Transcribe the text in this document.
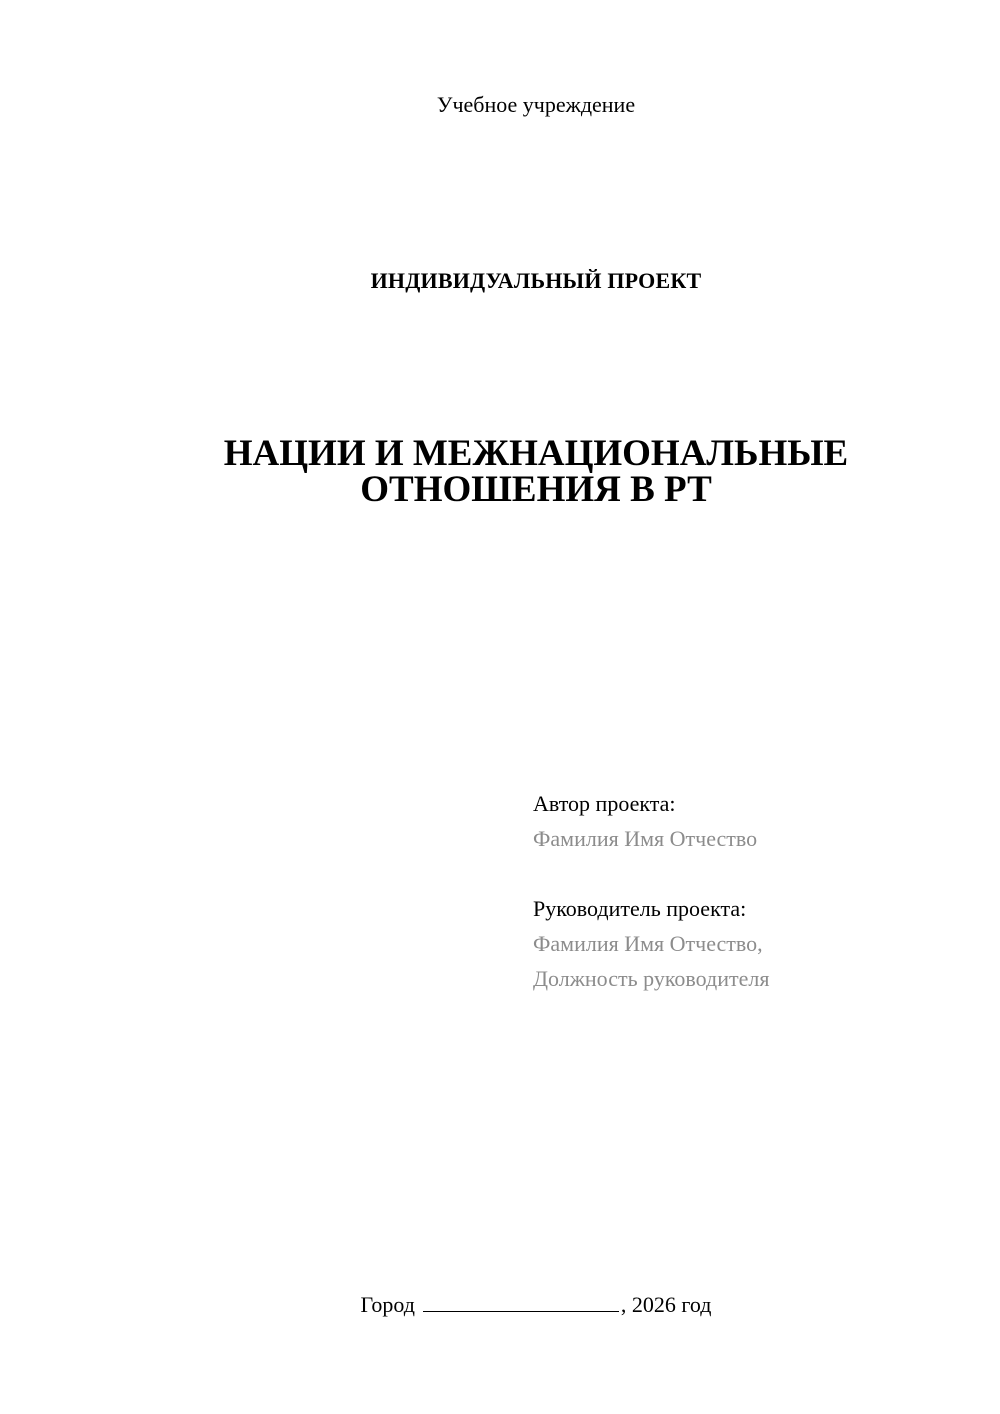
Учебное учреждение
ИНДИВИДУАЛЬНЫЙ ПРОЕКТ
НАЦИИ И МЕЖНАЦИОНАЛЬНЫЕ
ОТНОШЕНИЯ В РТ
Автор проекта:
Фамилия Имя Отчество
Руководитель проекта:
Фамилия Имя Отчество,
Должность руководителя
Город	, 2026 год
